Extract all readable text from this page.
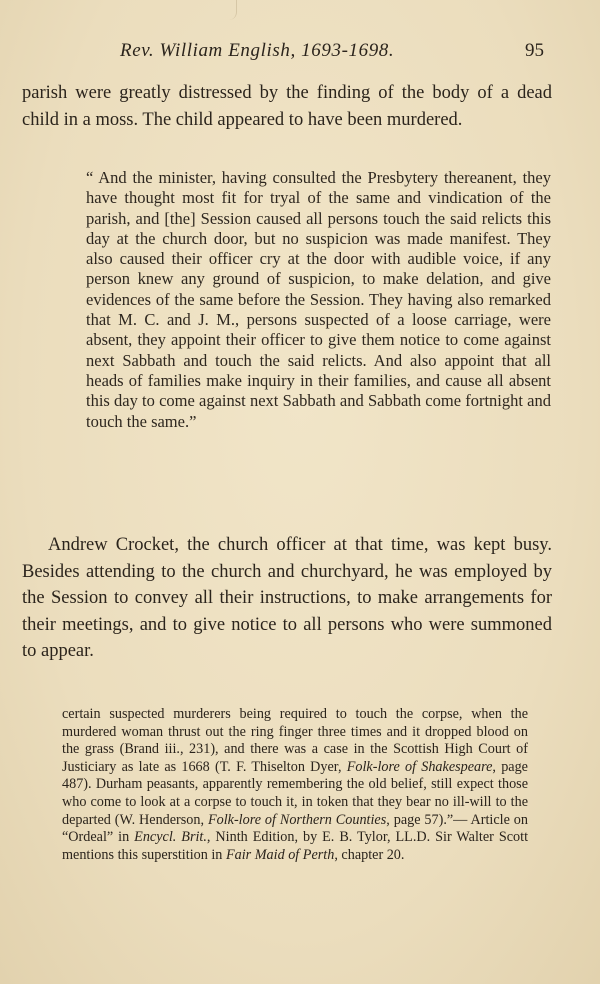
Rev. William English, 1693-1698.	95

parish were greatly distressed by the finding of the body of a dead child in a moss. The child appeared to have been murdered.

“ And the minister, having consulted the Presbytery thereanent, they have thought most fit for tryal of the same and vindication of the parish, and [the] Session caused all persons touch the said relicts this day at the church door, but no suspicion was made manifest. They also caused their officer cry at the door with audible voice, if any person knew any ground of suspicion, to make delation, and give evidences of the same before the Session. They having also remarked that M. C. and J. M., persons suspected of a loose carriage, were absent, they appoint their officer to give them notice to come against next Sabbath and touch the said relicts. And also appoint that all heads of families make inquiry in their families, and cause all absent this day to come against next Sabbath and Sabbath come fortnight and touch the same.”

Andrew Crocket, the church officer at that time, was kept busy. Besides attending to the church and churchyard, he was employed by the Session to convey all their instructions, to make arrangements for their meetings, and to give notice to all persons who were summoned to appear.

certain suspected murderers being required to touch the corpse, when the murdered woman thrust out the ring finger three times and it dropped blood on the grass (Brand iii., 231), and there was a case in the Scottish High Court of Justiciary as late as 1668 (T. F. Thiselton Dyer, Folk-lore of Shakespeare, page 487). Durham peasants, apparently remembering the old belief, still expect those who come to look at a corpse to touch it, in token that they bear no ill-will to the departed (W. Henderson, Folk-lore of Northern Counties, page 57).”— Article on “Ordeal” in Encycl. Brit., Ninth Edition, by E. B. Tylor, LL.D. Sir Walter Scott mentions this superstition in Fair Maid of Perth, chapter 20.
